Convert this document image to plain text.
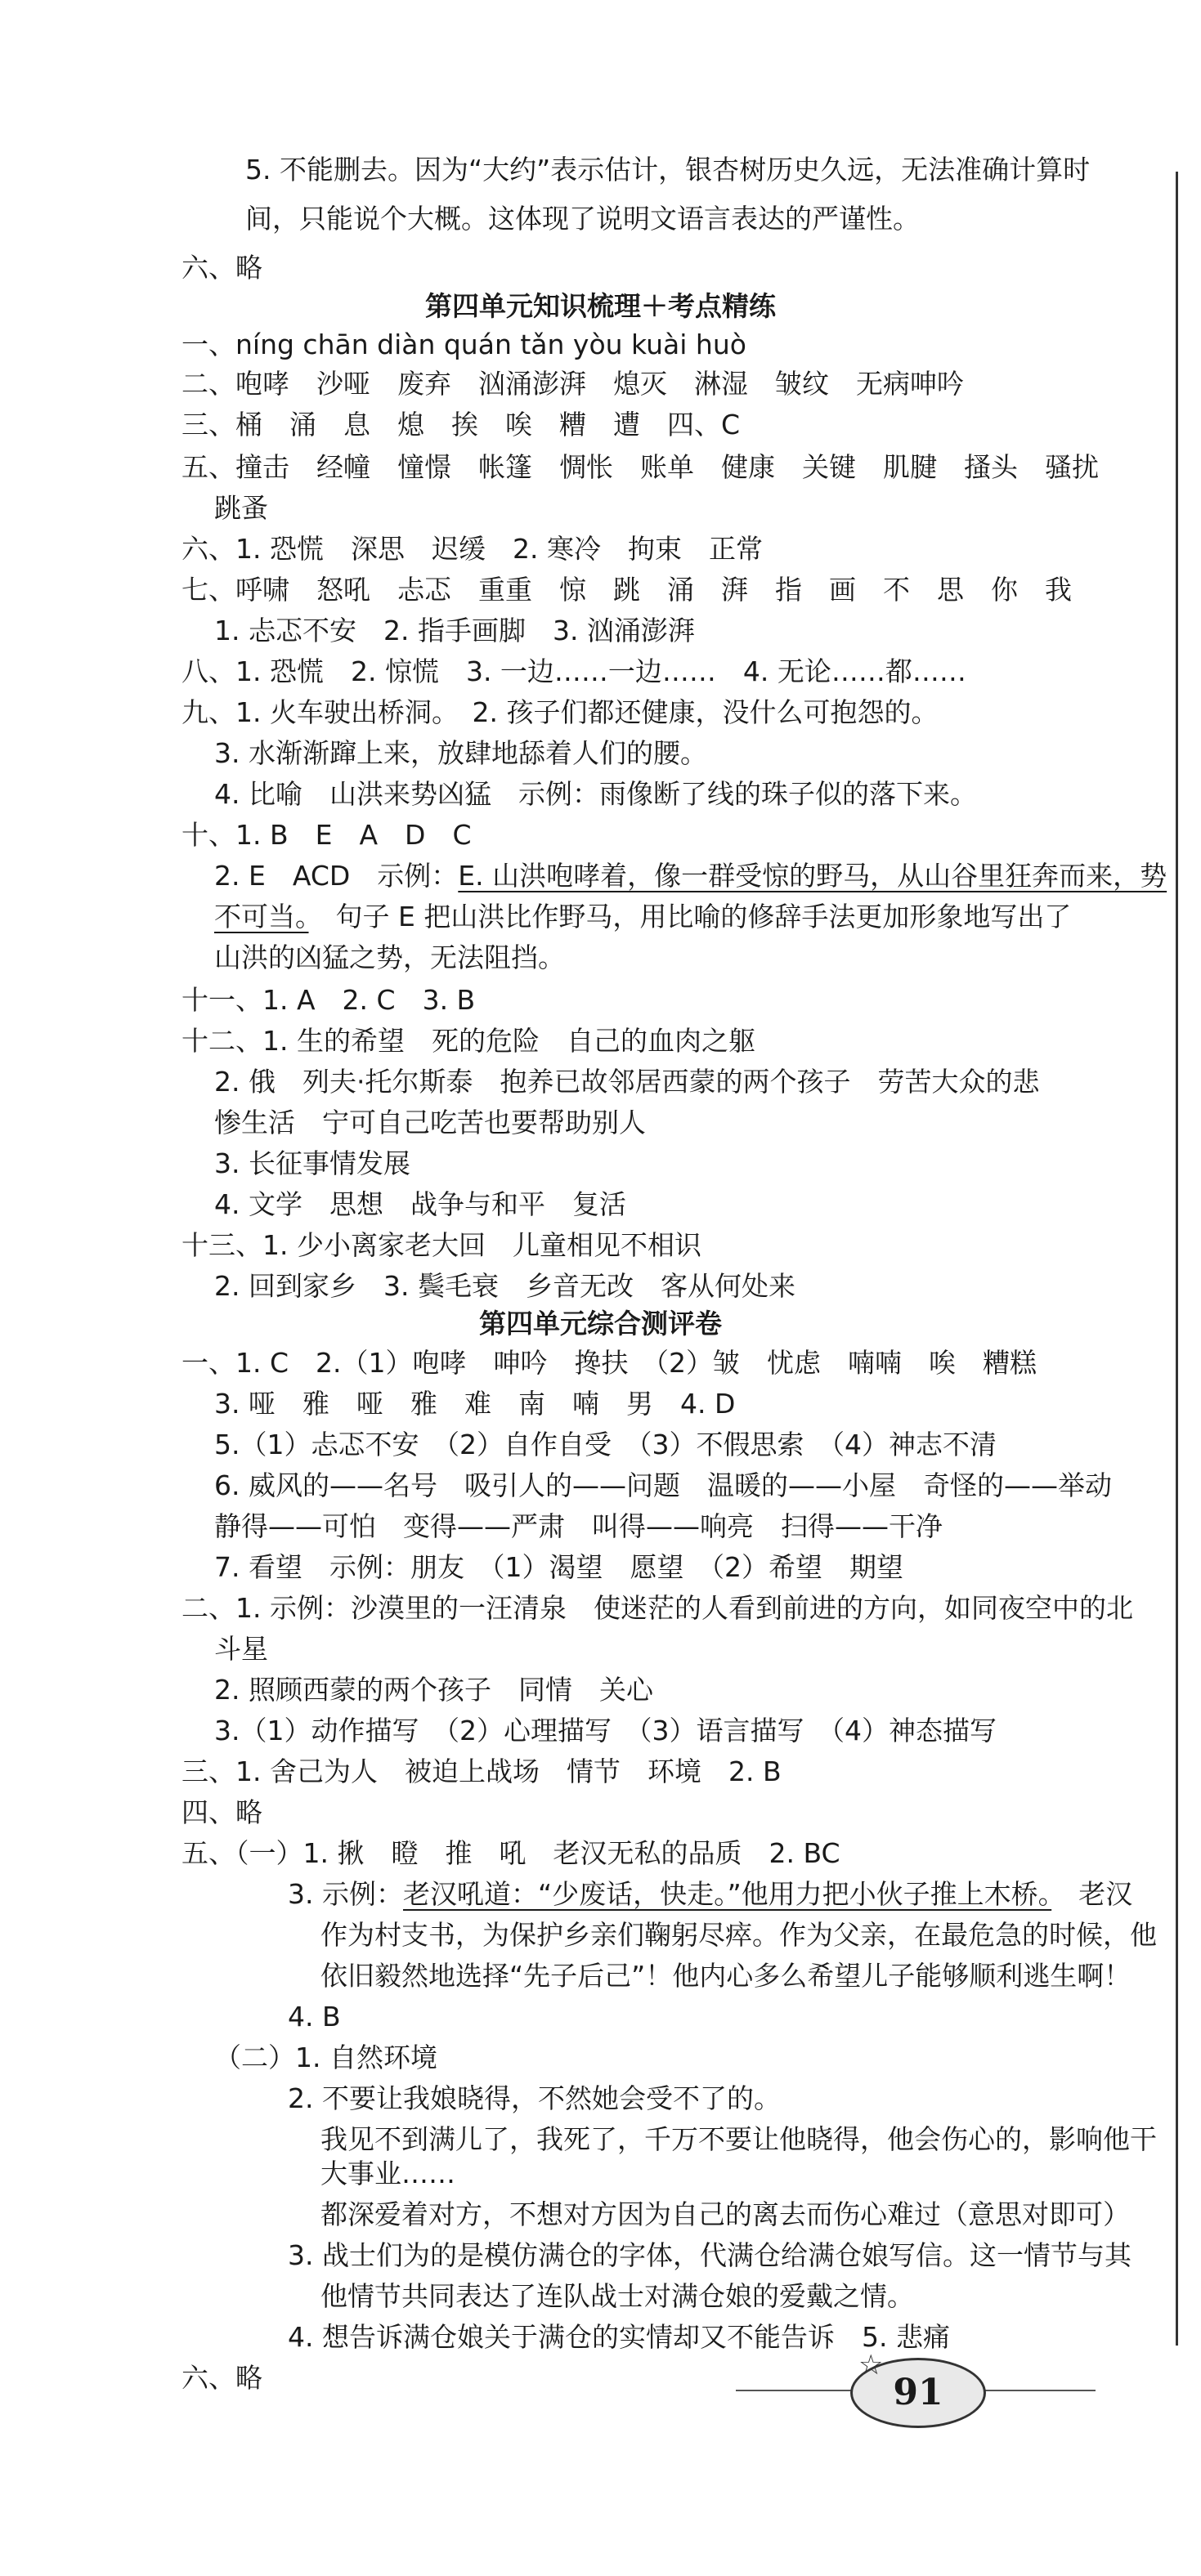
5. 不能删去。因为“大约”表示估计，银杏树历史久远，无法准确计算时
间，只能说个大概。这体现了说明文语言表达的严谨性。
六、略
第四单元知识梳理＋考点精练
一、níng chān diàn quán tǎn yòu kuài huò
二、咆哮　沙哑　废弃　汹涌澎湃　熄灭　淋湿　皱纹　无病呻吟
三、桶　涌　息　熄　挨　唉　糟　遭　四、C
五、撞击　经幢　憧憬　帐篷　惆怅　账单　健康　关键　肌腱　搔头　骚扰
跳蚤
六、1. 恐慌　深思　迟缓　2. 寒冷　拘束　正常
七、呼啸　怒吼　忐忑　重重　惊　跳　涌　湃　指　画　不　思　你　我
1. 忐忑不安　2. 指手画脚　3. 汹涌澎湃
八、1. 恐慌　2. 惊慌　3. 一边……一边……　4. 无论……都……
九、1. 火车驶出桥洞。　2. 孩子们都还健康，没什么可抱怨的。
3. 水渐渐蹿上来，放肆地舔着人们的腰。
4. 比喻　山洪来势凶猛　示例：雨像断了线的珠子似的落下来。
十、1. B　E　A　D　C
2. E　ACD　示例：E. 山洪咆哮着，像一群受惊的野马，从山谷里狂奔而来，势
不可当。　句子 E 把山洪比作野马，用比喻的修辞手法更加形象地写出了
山洪的凶猛之势，无法阻挡。
十一、1. A　2. C　3. B
十二、1. 生的希望　死的危险　自己的血肉之躯
2. 俄　列夫·托尔斯泰　抱养已故邻居西蒙的两个孩子　劳苦大众的悲
惨生活　宁可自己吃苦也要帮助别人
3. 长征事情发展
4. 文学　思想　战争与和平　复活
十三、1. 少小离家老大回　儿童相见不相识
2. 回到家乡　3. 鬓毛衰　乡音无改　客从何处来
第四单元综合测评卷
一、1. C　2.（1）咆哮　呻吟　搀扶　（2）皱　忧虑　喃喃　唉　糟糕
3. 哑　雅　哑　雅　难　南　喃　男　4. D
5.（1）忐忑不安　（2）自作自受　（3）不假思索　（4）神志不清
6. 威风的——名号　吸引人的——问题　温暖的——小屋　奇怪的——举动
静得——可怕　变得——严肃　叫得——响亮　扫得——干净
7. 看望　示例：朋友　（1）渴望　愿望　（2）希望　期望
二、1. 示例：沙漠里的一汪清泉　使迷茫的人看到前进的方向，如同夜空中的北
斗星
2. 照顾西蒙的两个孩子　同情　关心
3.（1）动作描写　（2）心理描写　（3）语言描写　（4）神态描写
三、1. 舍己为人　被迫上战场　情节　环境　2. B
四、略
五、（一）1. 揪　瞪　推　吼　老汉无私的品质　2. BC
3. 示例：老汉吼道：“少废话，快走。”他用力把小伙子推上木桥。　老汉
作为村支书，为保护乡亲们鞠躬尽瘁。作为父亲，在最危急的时候，他
依旧毅然地选择“先子后己”！他内心多么希望儿子能够顺利逃生啊！
4. B
（二）1. 自然环境
2. 不要让我娘晓得，不然她会受不了的。
我见不到满儿了，我死了，千万不要让他晓得，他会伤心的，影响他干
大事业……
都深爱着对方，不想对方因为自己的离去而伤心难过（意思对即可）
3. 战士们为的是模仿满仓的字体，代满仓给满仓娘写信。这一情节与其
他情节共同表达了连队战士对满仓娘的爱戴之情。
4. 想告诉满仓娘关于满仓的实情却又不能告诉　5. 悲痛
六、略	91
☆
